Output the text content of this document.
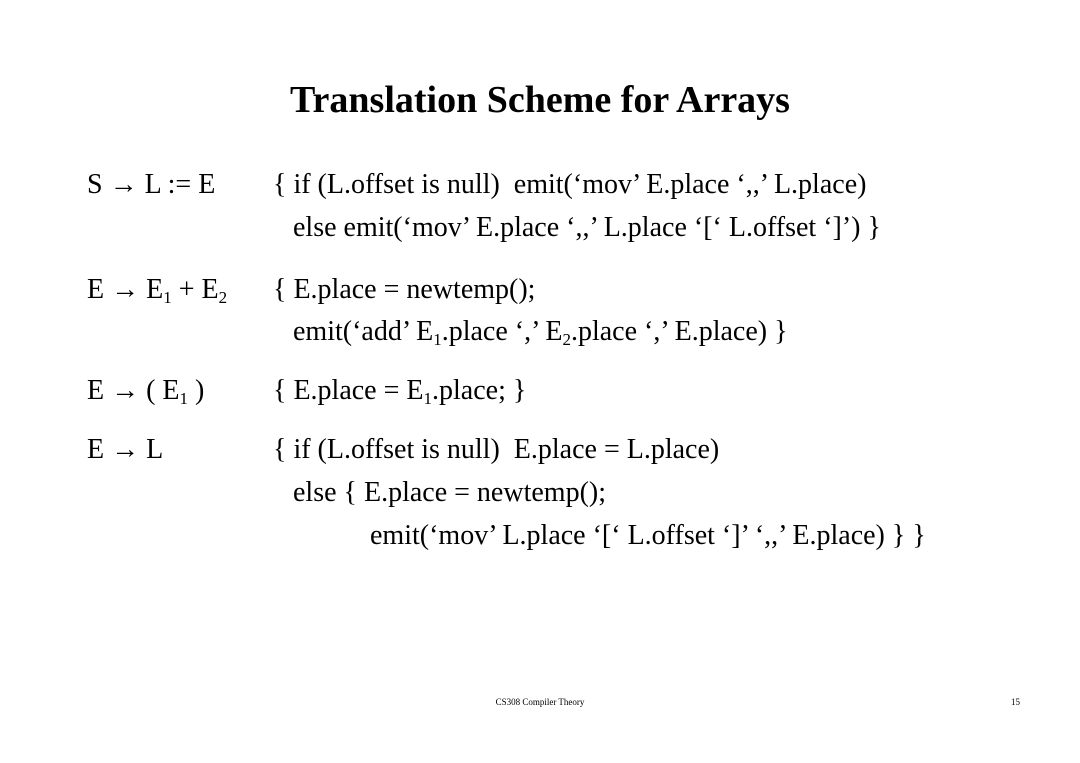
Translation Scheme for Arrays
S → L := E { if (L.offset is null)  emit(‘mov’ E.place ‘,,’ L.place)
else emit(‘mov’ E.place ‘,,’ L.place ‘[‘ L.offset ‘]’) }
$E \to E_1 + E_2$ { E.place = newtemp();
emit(‘add’ $E_1.place$ ‘,’ $E_2.place$ ‘,’ E.place) }
E → ( $E_1$ ) { E.place = $E_1.place$; }
E → L	{ if (L.offset is null)  E.place = L.place)
else { E.place = newtemp();
emit(‘mov’ L.place ‘[‘ L.offset ‘]’ ‘,,’ E.place) } }
CS308 Compiler Theory	15
